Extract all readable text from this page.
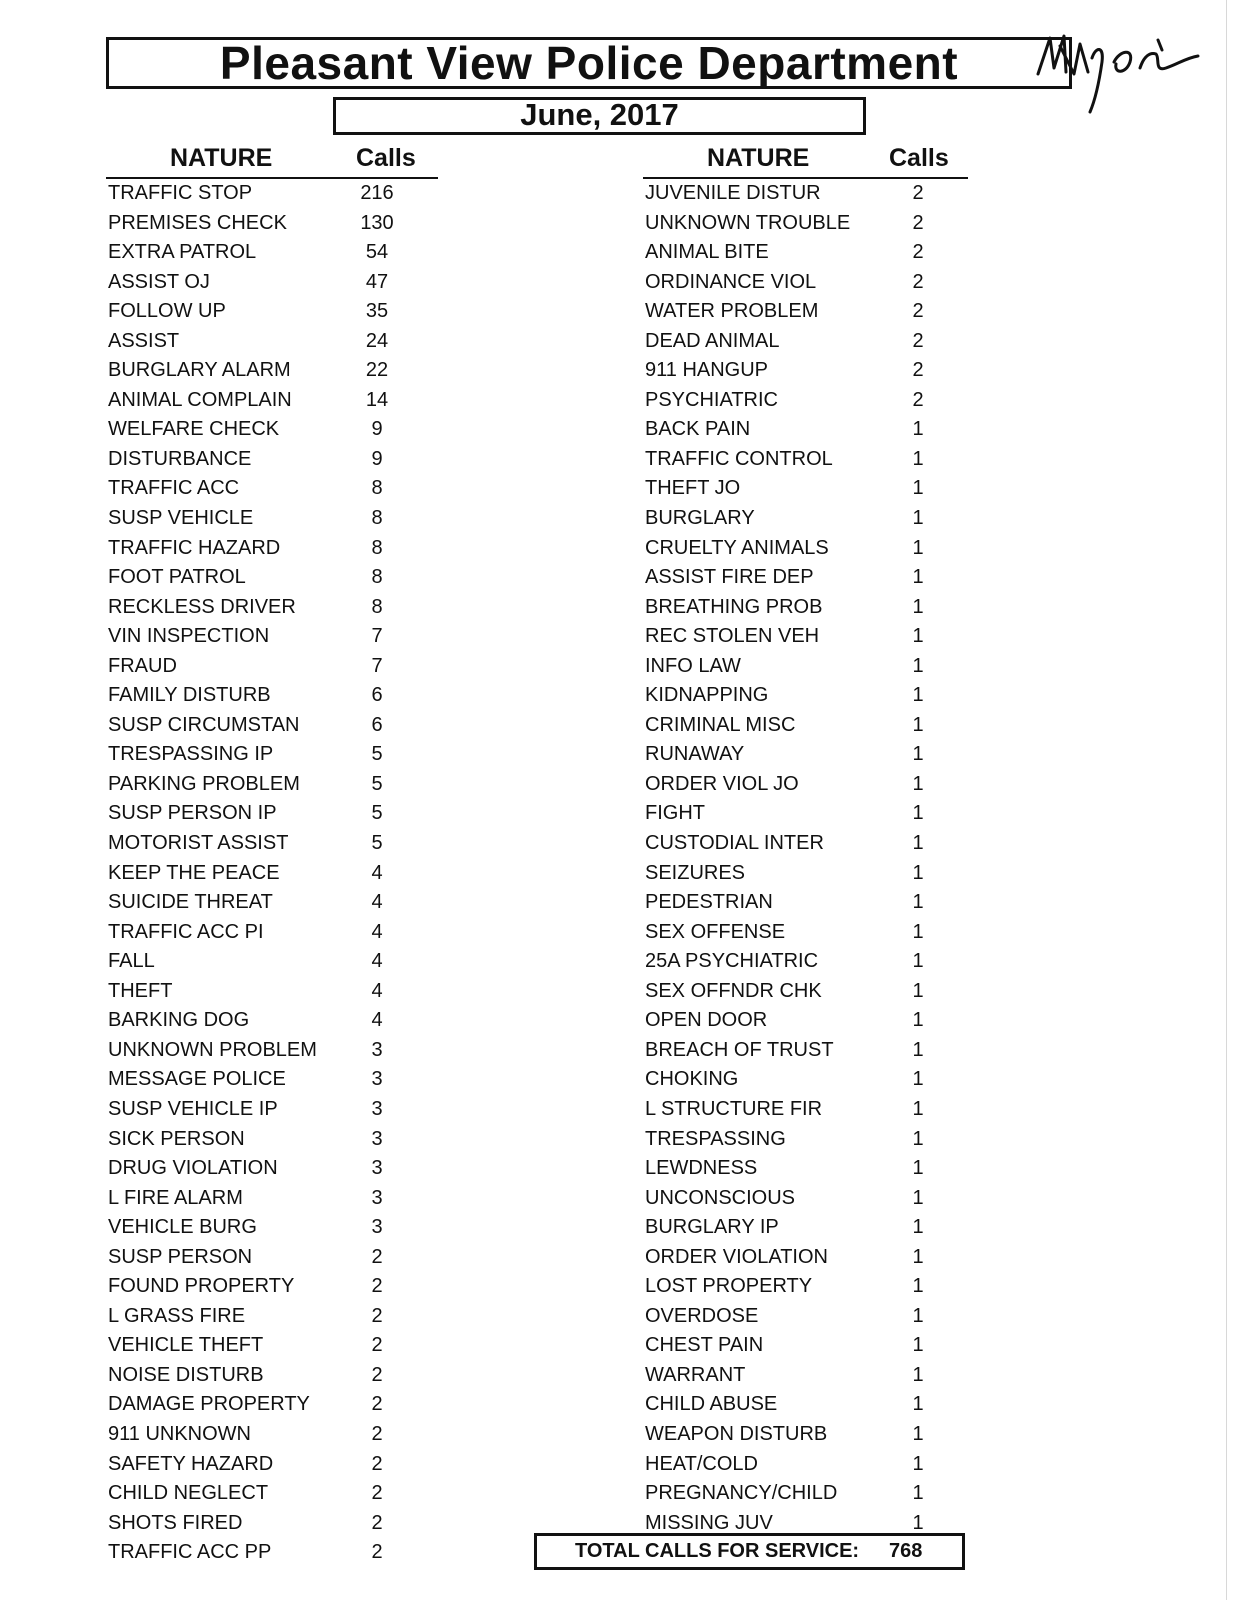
Pleasant View Police Department
June, 2017
NATURE	Calls
TRAFFIC STOP	216
PREMISES CHECK	130
EXTRA PATROL	54
ASSIST OJ	47
FOLLOW UP	35
ASSIST	24
BURGLARY ALARM	22
ANIMAL COMPLAIN	14
WELFARE CHECK	9
DISTURBANCE	9
TRAFFIC ACC	8
SUSP VEHICLE	8
TRAFFIC HAZARD	8
FOOT PATROL	8
RECKLESS DRIVER	8
VIN INSPECTION	7
FRAUD	7
FAMILY DISTURB	6
SUSP CIRCUMSTAN	6
TRESPASSING IP	5
PARKING PROBLEM	5
SUSP PERSON IP	5
MOTORIST ASSIST	5
KEEP THE PEACE	4
SUICIDE THREAT	4
TRAFFIC ACC PI	4
FALL	4
THEFT	4
BARKING DOG	4
UNKNOWN PROBLEM	3
MESSAGE POLICE	3
SUSP VEHICLE IP	3
SICK PERSON	3
DRUG VIOLATION	3
L FIRE ALARM	3
VEHICLE BURG	3
SUSP PERSON	2
FOUND PROPERTY	2
L GRASS FIRE	2
VEHICLE THEFT	2
NOISE DISTURB	2
DAMAGE PROPERTY	2
911 UNKNOWN	2
SAFETY HAZARD	2
CHILD NEGLECT	2
SHOTS FIRED	2
TRAFFIC ACC PP	2
NATURE	Calls
JUVENILE DISTUR	2
UNKNOWN TROUBLE	2
ANIMAL BITE	2
ORDINANCE VIOL	2
WATER PROBLEM	2
DEAD ANIMAL	2
911 HANGUP	2
PSYCHIATRIC	2
BACK PAIN	1
TRAFFIC CONTROL	1
THEFT JO	1
BURGLARY	1
CRUELTY ANIMALS	1
ASSIST FIRE DEP	1
BREATHING PROB	1
REC STOLEN VEH	1
INFO LAW	1
KIDNAPPING	1
CRIMINAL MISC	1
RUNAWAY	1
ORDER VIOL JO	1
FIGHT	1
CUSTODIAL INTER	1
SEIZURES	1
PEDESTRIAN	1
SEX OFFENSE	1
25A PSYCHIATRIC	1
SEX OFFNDR CHK	1
OPEN DOOR	1
BREACH OF TRUST	1
CHOKING	1
L STRUCTURE FIR	1
TRESPASSING	1
LEWDNESS	1
UNCONSCIOUS	1
BURGLARY IP	1
ORDER VIOLATION	1
LOST PROPERTY	1
OVERDOSE	1
CHEST PAIN	1
WARRANT	1
CHILD ABUSE	1
WEAPON DISTURB	1
HEAT/COLD	1
PREGNANCY/CHILD	1
MISSING JUV	1
TOTAL CALLS FOR SERVICE: 768
